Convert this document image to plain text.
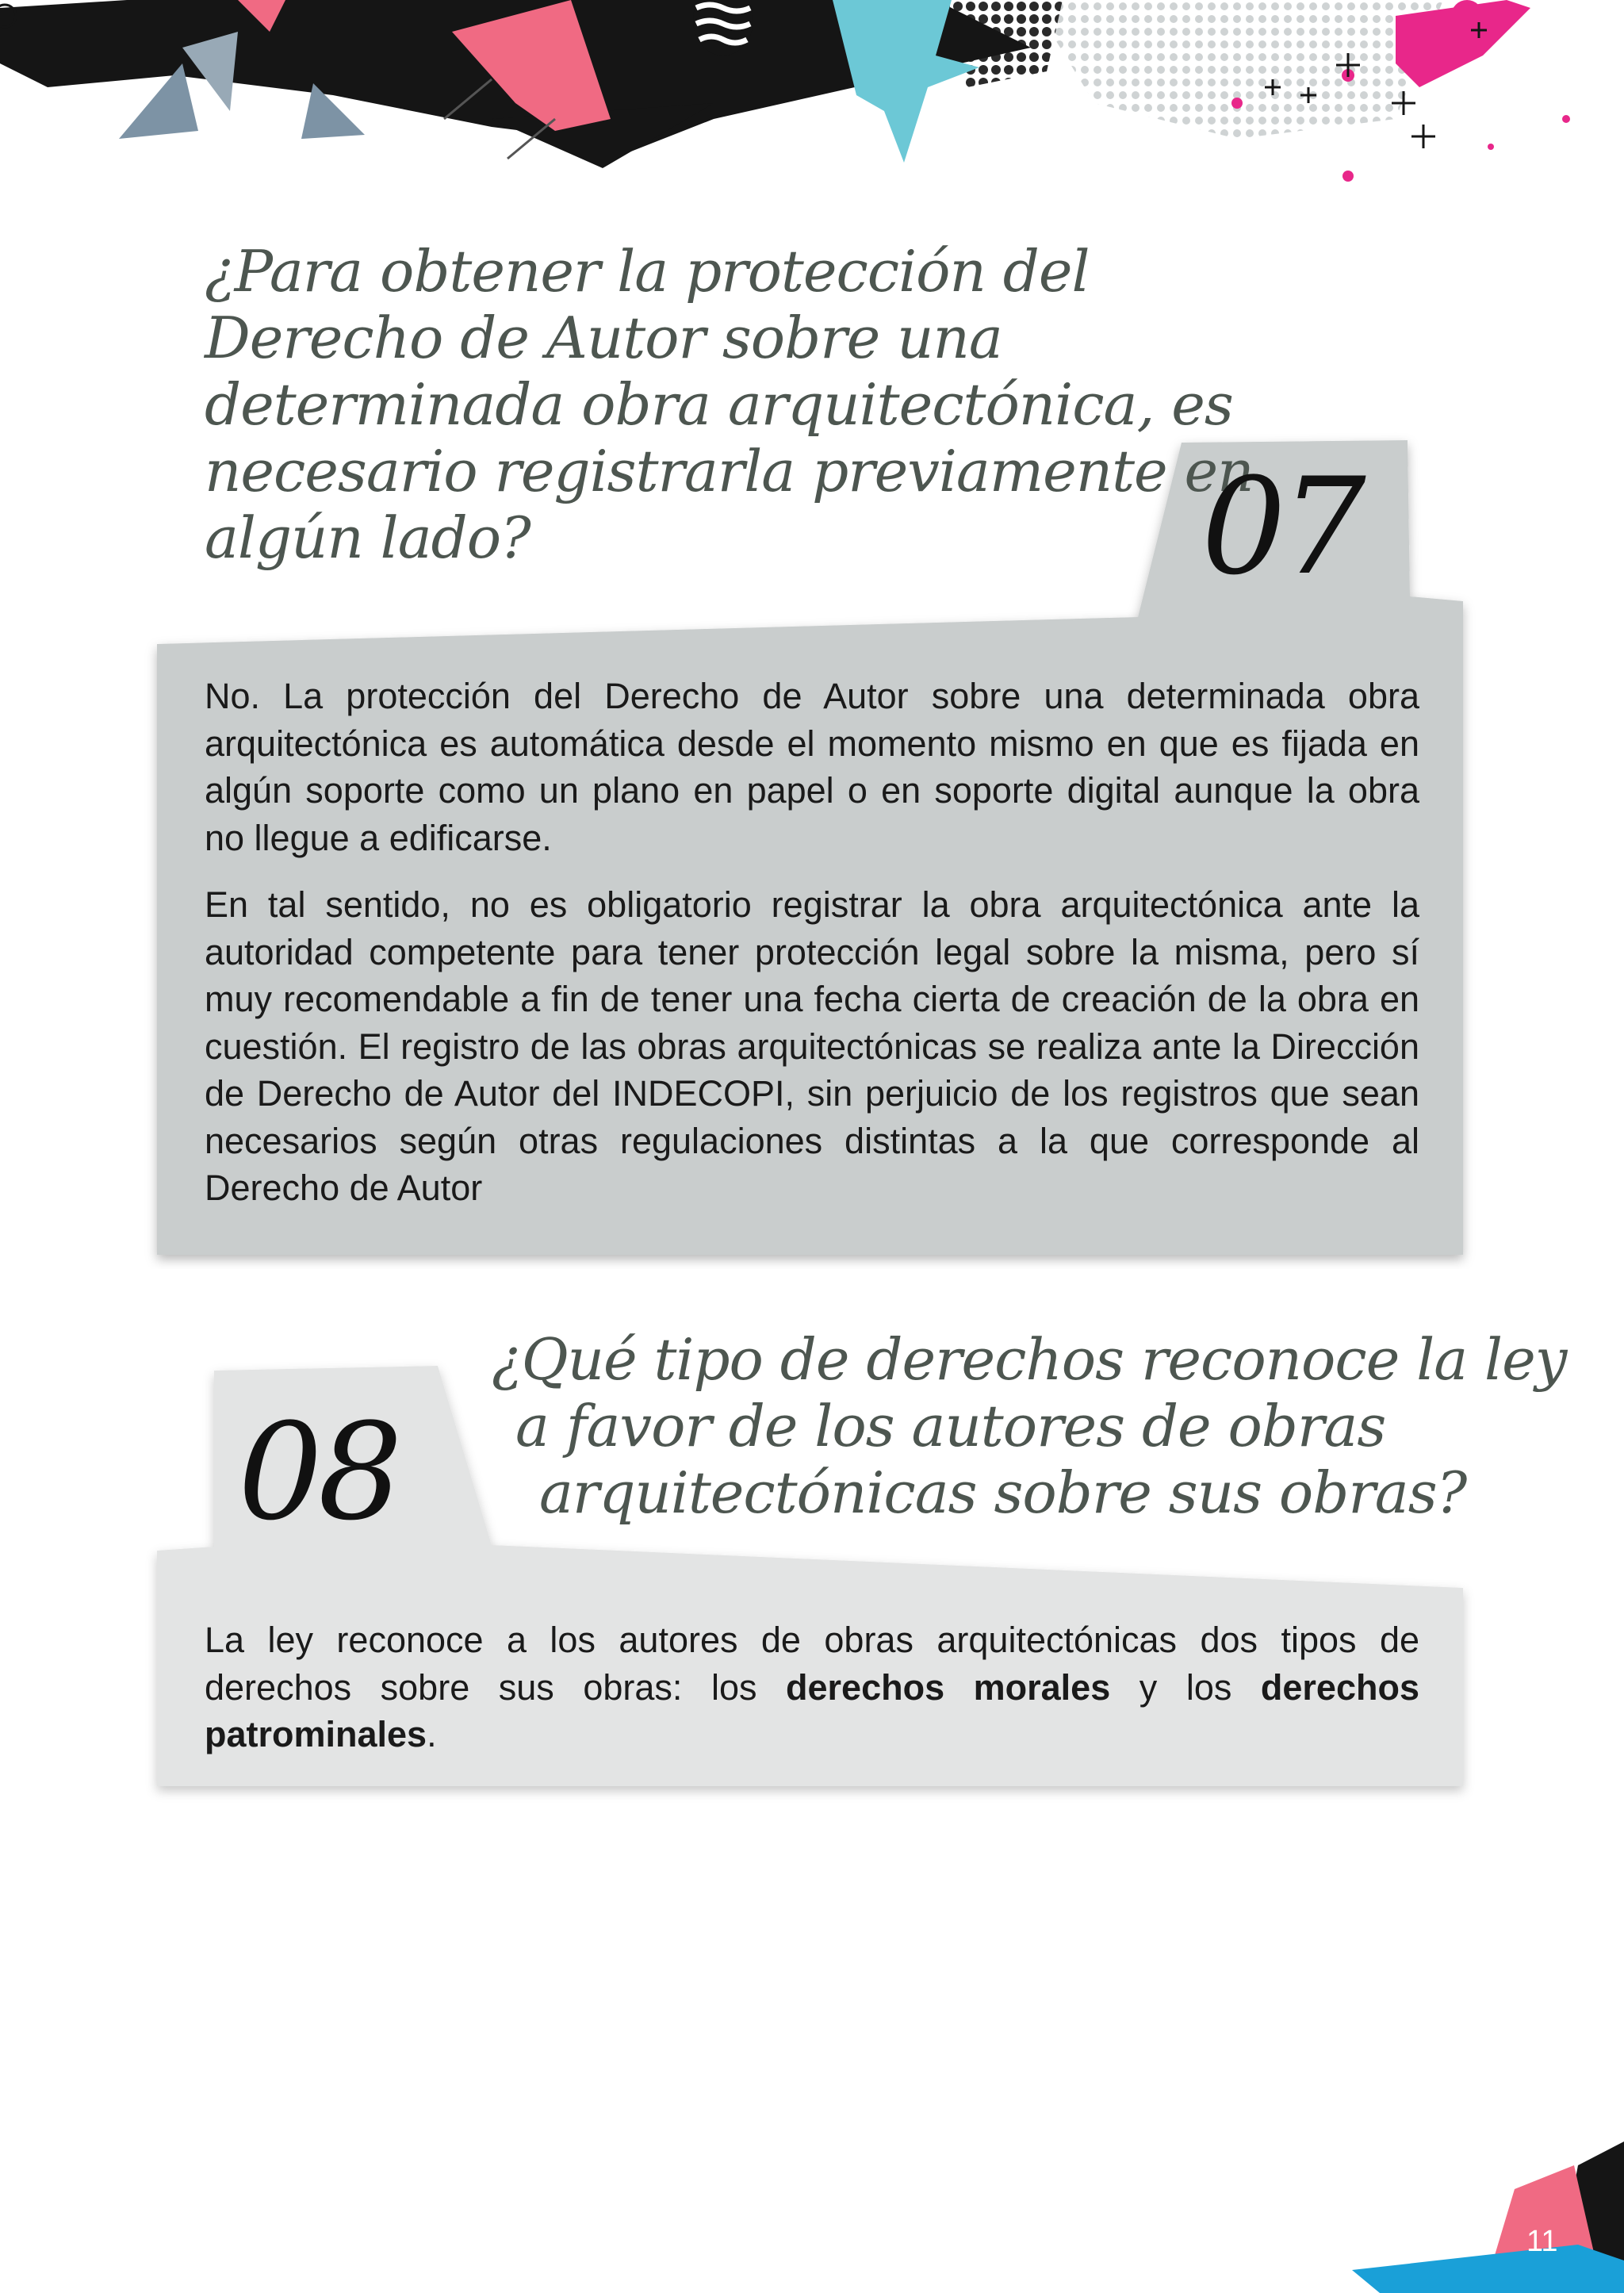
¿Para obtener la protección del
Derecho de Autor sobre una
determinada obra arquitectónica, es
necesario registrarla previamente en
algún lado?	07

No. La protección del Derecho de Autor sobre una determinada obra arquitectónica es automática desde el momento mismo en que es fijada en algún soporte como un plano en papel o en soporte digital aunque la obra no llegue a edificarse.

En tal sentido, no es obligatorio registrar la obra arquitectónica ante la autoridad competente para tener protección legal sobre la misma, pero sí muy recomendable a fin de tener una fecha cierta de creación de la obra en cuestión. El registro de las obras arquitectónicas se realiza ante la Dirección de Derecho de Autor del INDECOPI, sin perjuicio de los registros que sean necesarios según otras regulaciones distintas a la que corresponde al Derecho de Autor

¿Qué tipo de derechos reconoce la ley
a favor de los autores de obras
arquitectónicas sobre sus obras?
08

La ley reconoce a los autores de obras arquitectónicas dos tipos de derechos sobre sus obras: los derechos morales y los derechos patrominales.

11
